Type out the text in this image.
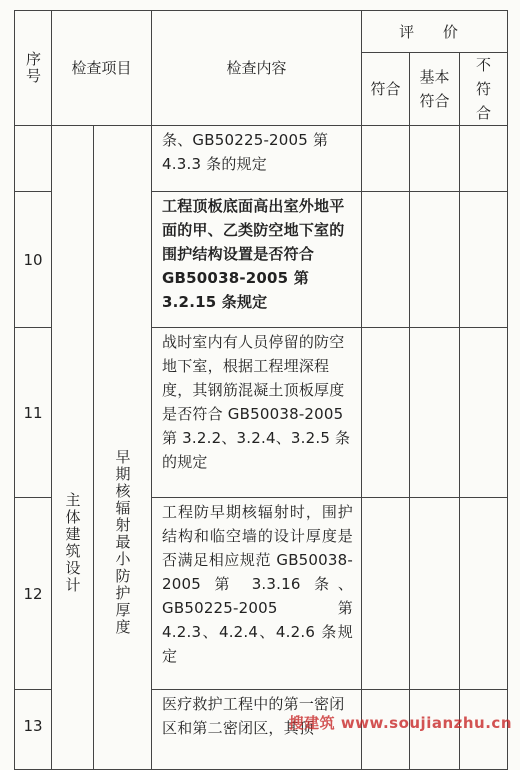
序号	检查项目		检查内容	评 价		
				符合	基本符合	不符合

	主体建筑设计	早期核辐射最小防护厚度	条、GB50225-2005 第 4.3.3 条的规定			
10			工程顶板底面高出室外地平面的甲、乙类防空地下室的围护结构设置是否符合GB50038-2005 第 3.2.15 条规定			
11			战时室内有人员停留的防空地下室，根据工程埋深程度，其钢筋混凝土顶板厚度是否符合 GB50038-2005 第 3.2.2、3.2.4、3.2.5 条的规定			
12			工程防早期核辐射时，围护结构和临空墙的设计厚度是否满足相应规范 GB50038-2005 第 3.3.16 条、 GB50225-2005 第 4.2.3、4.2.4、4.2.6 条规定			
13			医疗救护工程中的第一密闭区和第二密闭区，其顶			
搜建筑 www.soujianzhu.cn
